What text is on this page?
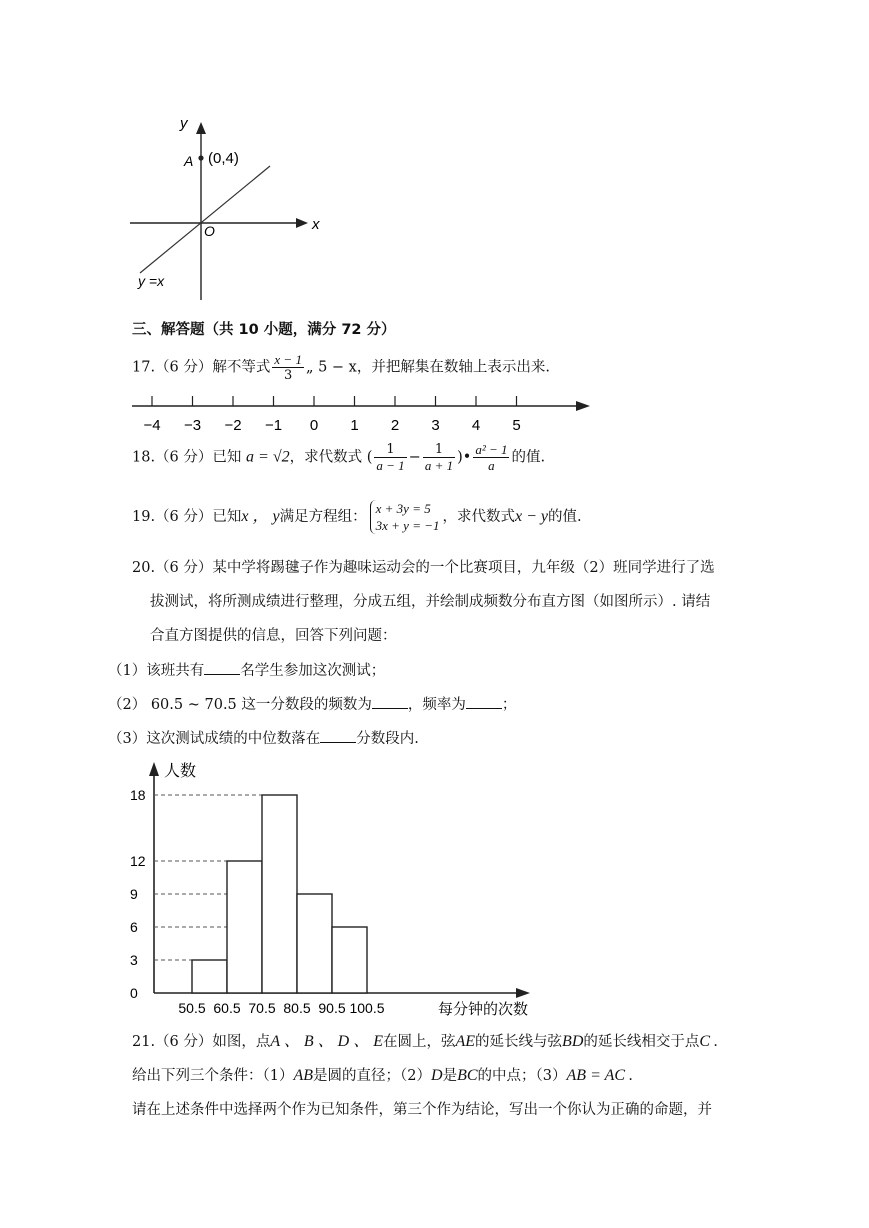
y
x
A (0,4)
O
y =x
三、解答题（共 10 小题，满分 72 分）
17.（6 分）解不等式 $\frac{x - 1}{3}$ „ 5 − x，并把解集在数轴上表示出来.
−4 −3 −2 −1 0 1 2 3 4 5
18.（6 分）已知 a = √2，求代数式 ( $\frac{1}{a - 1} - \frac{1}{a + 1}$ )• $\frac{\text{a² − 1}}{a}$ 的值.
19.（6 分）已知x ， y满足方程组：
x + 3y = 5
3x + y = −1
，求代数式x − y的值.
20.（6 分）某中学将踢毽子作为趣味运动会的一个比赛项目，九年级（2）班同学进行了选
拔测试，将所测成绩进行整理，分成五组，并绘制成频数分布直方图（如图所示）. 请结
合直方图提供的信息，回答下列问题：
（1）该班共有 名学生参加这次测试；
（2） 60.5 ~ 70.5 这一分数段的频数为 ，频率为 ；
（3）这次测试成绩的中位数落在 分数段内.
人数
每分钟的次数
0
3
6
9
12
18
50.5 60.5 70.5 80.5 90.5 100.5
21.（6 分）如图，点A 、 B 、 D 、 E在圆上，弦AE的延长线与弦BD的延长线相交于点C .
给出下列三个条件：（1）AB是圆的直径；（2）D是BC的中点；（3）AB = AC .
请在上述条件中选择两个作为已知条件，第三个作为结论，写出一个你认为正确的命题，并
